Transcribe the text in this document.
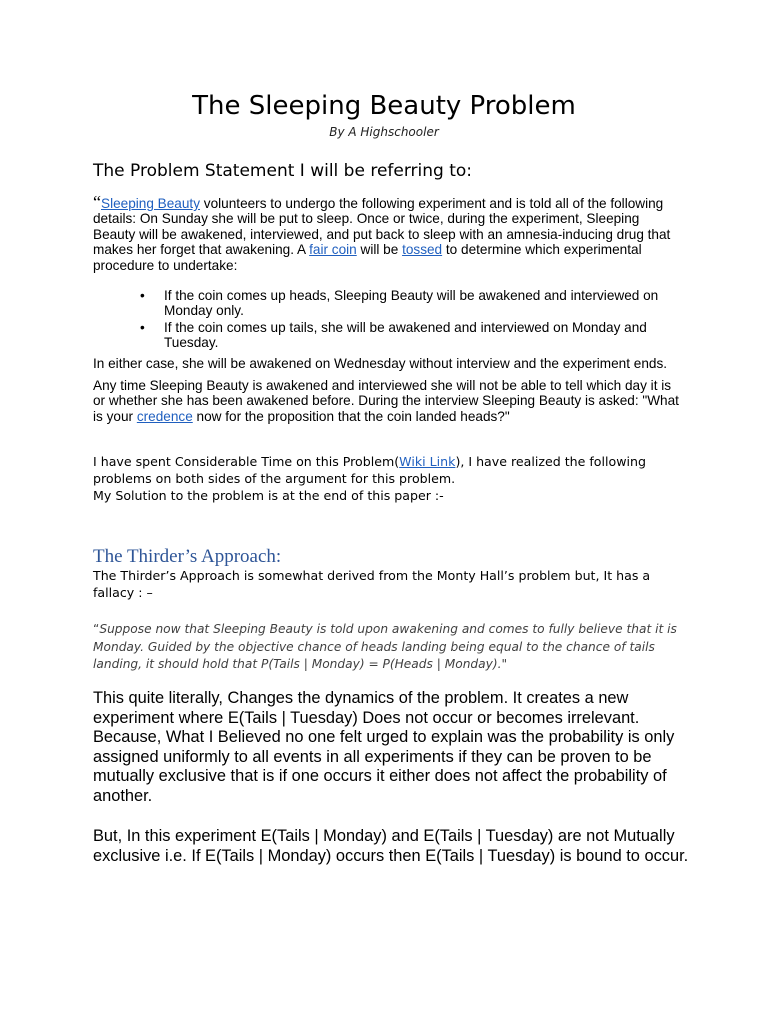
The Sleeping Beauty Problem
By A Highschooler
The Problem Statement I will be referring to:
“Sleeping Beauty volunteers to undergo the following experiment and is told all of the following details: On Sunday she will be put to sleep. Once or twice, during the experiment, Sleeping Beauty will be awakened, interviewed, and put back to sleep with an amnesia-inducing drug that makes her forget that awakening. A fair coin will be tossed to determine which experimental procedure to undertake:
• If the coin comes up heads, Sleeping Beauty will be awakened and interviewed on Monday only.
• If the coin comes up tails, she will be awakened and interviewed on Monday and Tuesday.
In either case, she will be awakened on Wednesday without interview and the experiment ends.
Any time Sleeping Beauty is awakened and interviewed she will not be able to tell which day it is or whether she has been awakened before. During the interview Sleeping Beauty is asked: "What is your credence now for the proposition that the coin landed heads?"
I have spent Considerable Time on this Problem(Wiki Link), I have realized the following problems on both sides of the argument for this problem.
My Solution to the problem is at the end of this paper :-
The Thirder’s Approach:
The Thirder’s Approach is somewhat derived from the Monty Hall’s problem but, It has a fallacy : –
“Suppose now that Sleeping Beauty is told upon awakening and comes to fully believe that it is Monday. Guided by the objective chance of heads landing being equal to the chance of tails landing, it should hold that P(Tails | Monday) = P(Heads | Monday)."
This quite literally, Changes the dynamics of the problem. It creates a new experiment where E(Tails | Tuesday) Does not occur or becomes irrelevant. Because, What I Believed no one felt urged to explain was the probability is only assigned uniformly to all events in all experiments if they can be proven to be mutually exclusive that is if one occurs it either does not affect the probability of another.
But, In this experiment E(Tails | Monday) and E(Tails | Tuesday) are not Mutually exclusive i.e. If E(Tails | Monday) occurs then E(Tails | Tuesday) is bound to occur.
